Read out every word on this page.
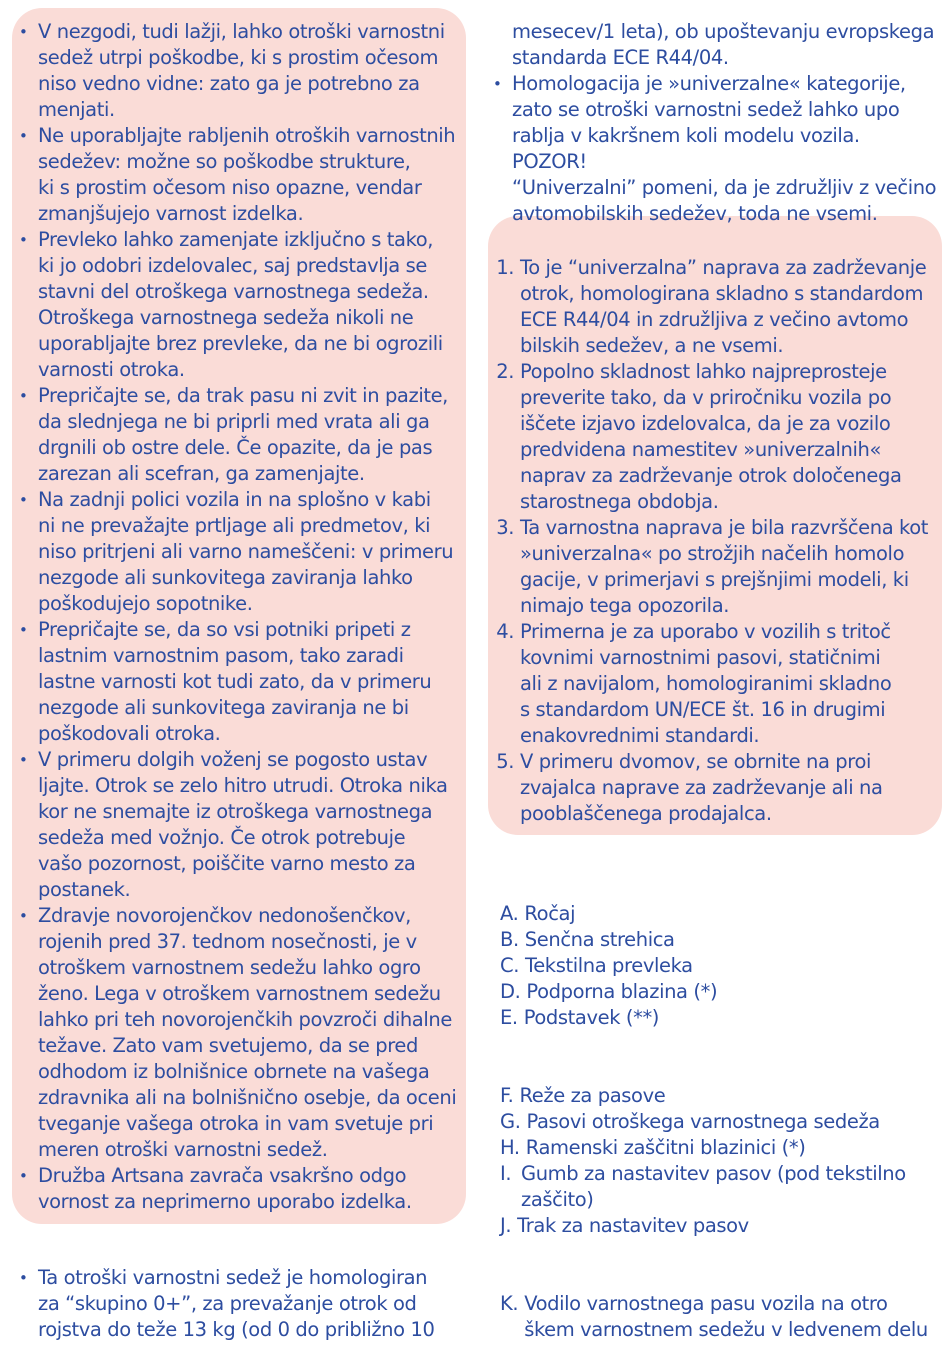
• V nezgodi, tudi lažji, lahko otroški varnostni
sedež utrpi poškodbe, ki s prostim očesom
niso vedno vidne: zato ga je potrebno za
menjati.
• Ne uporabljajte rabljenih otroških varnostnih
sedežev: možne so poškodbe strukture,
ki s prostim očesom niso opazne, vendar
zmanjšujejo varnost izdelka.
• Prevleko lahko zamenjate izključno s tako,
ki jo odobri izdelovalec, saj predstavlja se
stavni del otroškega varnostnega sedeža.
Otroškega varnostnega sedeža nikoli ne
uporabljajte brez prevleke, da ne bi ogrozili
varnosti otroka.
• Prepričajte se, da trak pasu ni zvit in pazite,
da slednjega ne bi priprli med vrata ali ga
drgnili ob ostre dele. Če opazite, da je pas
zarezan ali scefran, ga zamenjajte.
• Na zadnji polici vozila in na splošno v kabi
ni ne prevažajte prtljage ali predmetov, ki
niso pritrjeni ali varno nameščeni: v primeru
nezgode ali sunkovitega zaviranja lahko
poškodujejo sopotnike.
• Prepričajte se, da so vsi potniki pripeti z
lastnim varnostnim pasom, tako zaradi
lastne varnosti kot tudi zato, da v primeru
nezgode ali sunkovitega zaviranja ne bi
poškodovali otroka.
• V primeru dolgih voženj se pogosto ustav
ljajte. Otrok se zelo hitro utrudi. Otroka nika
kor ne snemajte iz otroškega varnostnega
sedeža med vožnjo. Če otrok potrebuje
vašo pozornost, poiščite varno mesto za
postanek.
• Zdravje novorojenčkov nedonošenčkov,
rojenih pred 37. tednom nosečnosti, je v
otroškem varnostnem sedežu lahko ogro
ženo. Lega v otroškem varnostnem sedežu
lahko pri teh novorojenčkih povzroči dihalne
težave. Zato vam svetujemo, da se pred
odhodom iz bolnišnice obrnete na vašega
zdravnika ali na bolnišnično osebje, da oceni
tveganje vašega otroka in vam svetuje pri
meren otroški varnostni sedež.
• Družba Artsana zavrača vsakršno odgo
vornost za neprimerno uporabo izdelka.
• Ta otroški varnostni sedež je homologiran
za “skupino 0+”, za prevažanje otrok od
rojstva do teže 13 kg (od 0 do približno 10
mesecev/1 leta), ob upoštevanju evropskega
standarda ECE R44/04.
• Homologacija je »univerzalne« kategorije,
zato se otroški varnostni sedež lahko upo
rablja v kakršnem koli modelu vozila. POZOR!
“Univerzalni” pomeni, da je združljiv z večino
avtomobilskih sedežev, toda ne vsemi.
1. To je “univerzalna” naprava za zadrževanje
otrok, homologirana skladno s standardom
ECE R44/04 in združljiva z večino avtomo
bilskih sedežev, a ne vsemi.
2. Popolno skladnost lahko najpreprosteje
preverite tako, da v priročniku vozila po
iščete izjavo izdelovalca, da je za vozilo
predvidena namestitev »univerzalnih«
naprav za zadrževanje otrok določenega
starostnega obdobja.
3. Ta varnostna naprava je bila razvrščena kot
»univerzalna« po strožjih načelih homolo
gacije, v primerjavi s prejšnjimi modeli, ki
nimajo tega opozorila.
4. Primerna je za uporabo v vozilih s tritoč
kovnimi varnostnimi pasovi, statičnimi
ali z navijalom, homologiranimi skladno
s standardom UN/ECE št. 16 in drugimi
enakovrednimi standardi.
5. V primeru dvomov, se obrnite na proi
zvajalca naprave za zadrževanje ali na
pooblaščenega prodajalca.
A. Ročaj
B. Senčna strehica
C. Tekstilna prevleka
D. Podporna blazina (*)
E. Podstavek (**)
F. Reže za pasove
G. Pasovi otroškega varnostnega sedeža
H. Ramenski zaščitni blazinici (*)
I. Gumb za nastavitev pasov (pod tekstilno
zaščito)
J. Trak za nastavitev pasov
K. Vodilo varnostnega pasu vozila na otro
škem varnostnem sedežu v ledvenem delu
